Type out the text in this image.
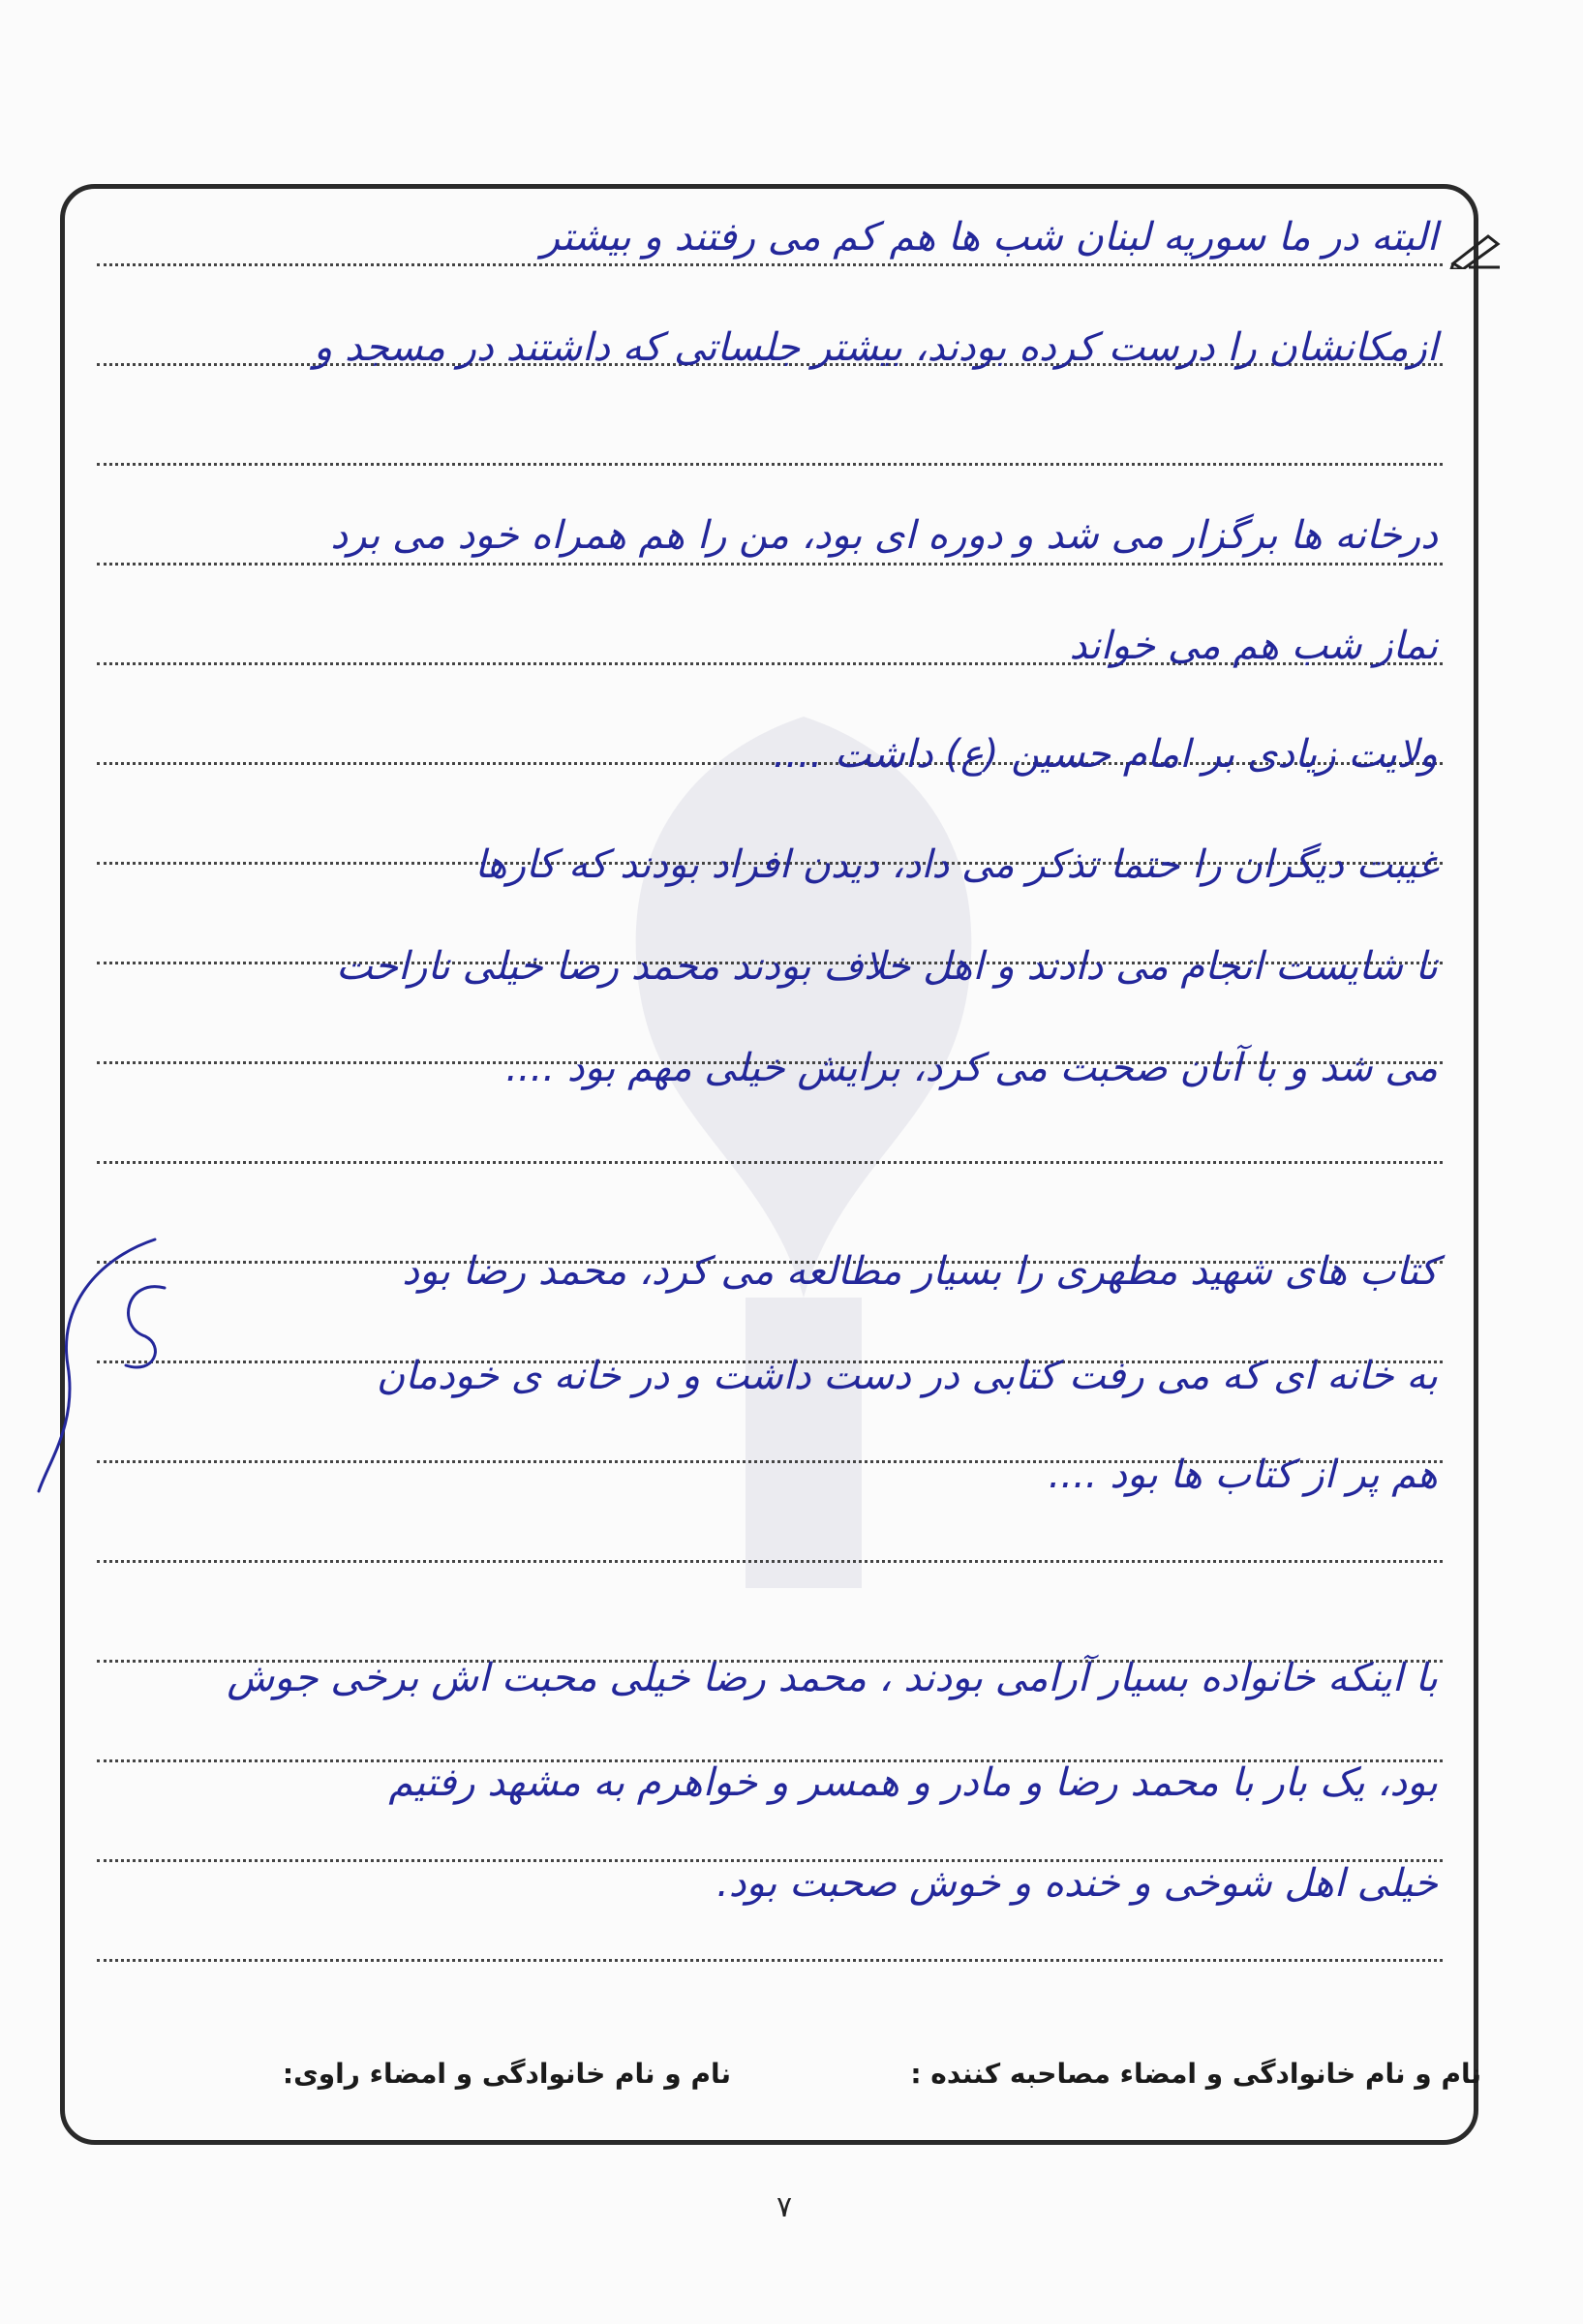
البته در ما سوریه لبنان شب ها هم کم می رفتند و بیشتر
ازمکانشان را درست کرده بودند، بیشتر جلساتی که داشتند در مسجد و
درخانه ها برگزار می شد و دوره ای بود، من را هم همراه خود می برد
نماز شب هم می خواند
ولایت زیادی بر امام حسین (ع) داشت ....
غیبت دیگران را حتما تذکر می داد، دیدن افراد بودند که کارها
نا شایست انجام می دادند و اهل خلاف بودند محمد رضا خیلی ناراحت
می شد و با آنان صحبت می کرد، برایش خیلی مهم بود ....
کتاب های شهید مطهری را بسیار مطالعه می کرد، محمد رضا بود
به خانه ای که می رفت کتابی در دست داشت و در خانه ی خودمان
هم پر از کتاب ها بود ....
با اینکه خانواده بسیار آرامی بودند ، محمد رضا خیلی محبت اش برخی جوش
بود، یک بار با محمد رضا و مادر و همسر و خواهرم به مشهد رفتیم
خیلی اهل شوخی و خنده و خوش صحبت بود.
نام و نام خانوادگی و امضاء مصاحبه کننده :
نام و نام خانوادگی و امضاء راوی:
۷
